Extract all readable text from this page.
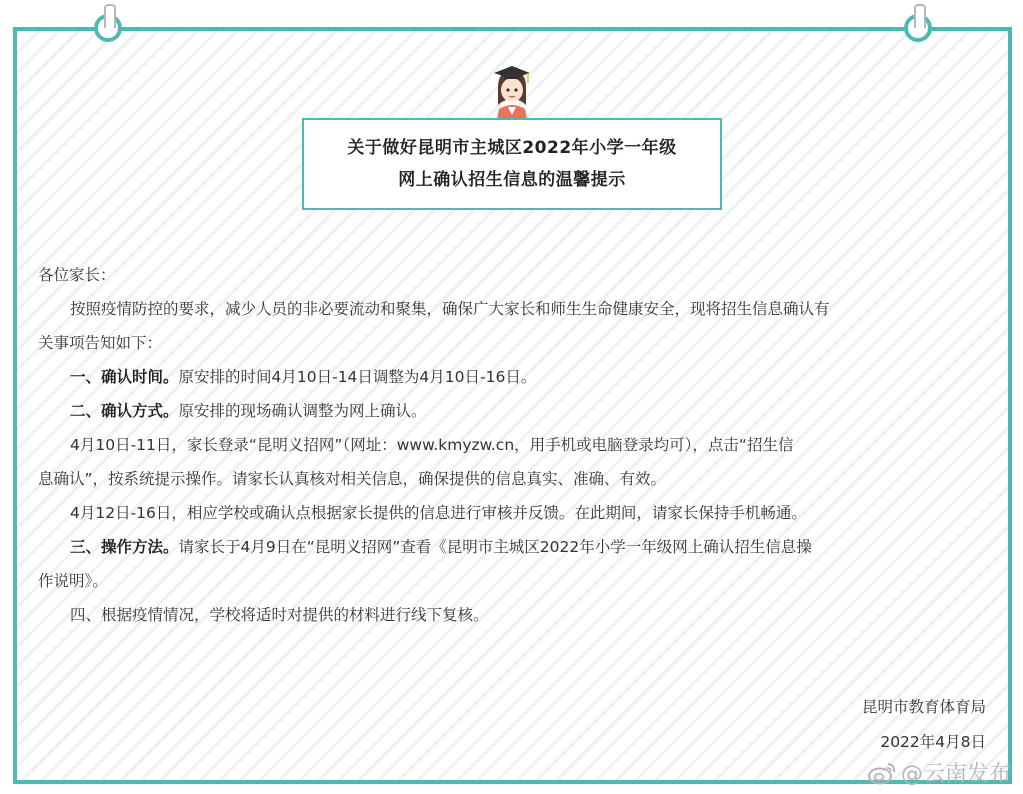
关于做好昆明市主城区2022年小学一年级
网上确认招生信息的温馨提示
各位家长：
按照疫情防控的要求，减少人员的非必要流动和聚集，确保广大家长和师生生命健康安全，现将招生信息确认有
关事项告知如下：
一、确认时间。原安排的时间4月10日-14日调整为4月10日-16日。
二、确认方式。原安排的现场确认调整为网上确认。
4月10日-11日，家长登录“昆明义招网”（网址：www.kmyzw.cn，用手机或电脑登录均可），点击“招生信
息确认”，按系统提示操作。请家长认真核对相关信息，确保提供的信息真实、准确、有效。
4月12日-16日，相应学校或确认点根据家长提供的信息进行审核并反馈。在此期间，请家长保持手机畅通。
三、操作方法。请家长于4月9日在“昆明义招网”查看《昆明市主城区2022年小学一年级网上确认招生信息操
作说明》。
四、根据疫情情况，学校将适时对提供的材料进行线下复核。
昆明市教育体育局
2022年4月8日
@云南发布
